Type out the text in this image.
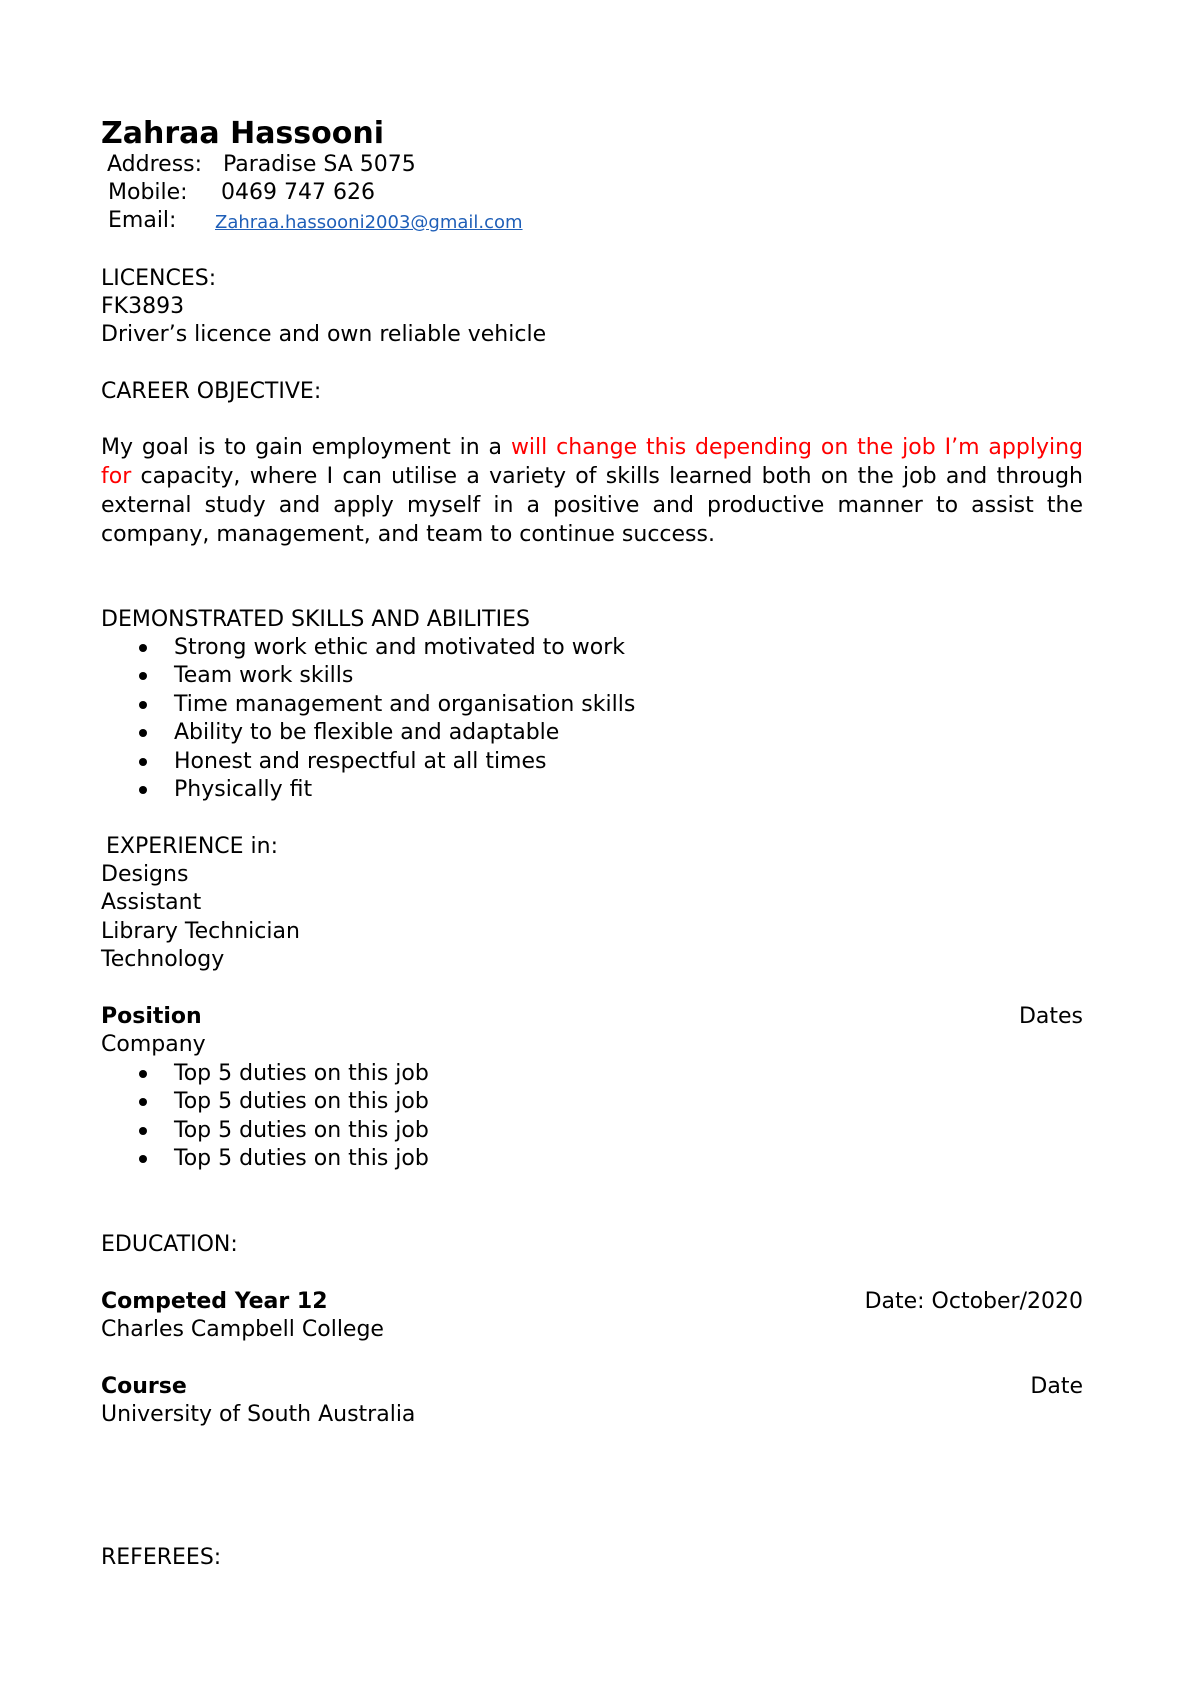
Zahraa Hassooni
Address: Paradise SA 5075
Mobile: 0469 747 626
Email: Zahraa.hassooni2003@gmail.com
LICENCES:
FK3893
Driver’s licence and own reliable vehicle
CAREER OBJECTIVE:
My goal is to gain employment in a will change this depending on the job I’m applying for capacity, where I can utilise a variety of skills learned both on the job and through external study and apply myself in a positive and productive manner to assist the company, management, and team to continue success.
DEMONSTRATED SKILLS AND ABILITIES
Strong work ethic and motivated to work
Team work skills
Time management and organisation skills
Ability to be flexible and adaptable
Honest and respectful at all times
Physically fit
EXPERIENCE in:
Designs
Assistant
Library Technician
Technology
Position	Dates
Company
Top 5 duties on this job
Top 5 duties on this job
Top 5 duties on this job
Top 5 duties on this job
EDUCATION:
Competed Year 12	Date: October/2020
Charles Campbell College
Course	Date
University of South Australia
REFEREES:
